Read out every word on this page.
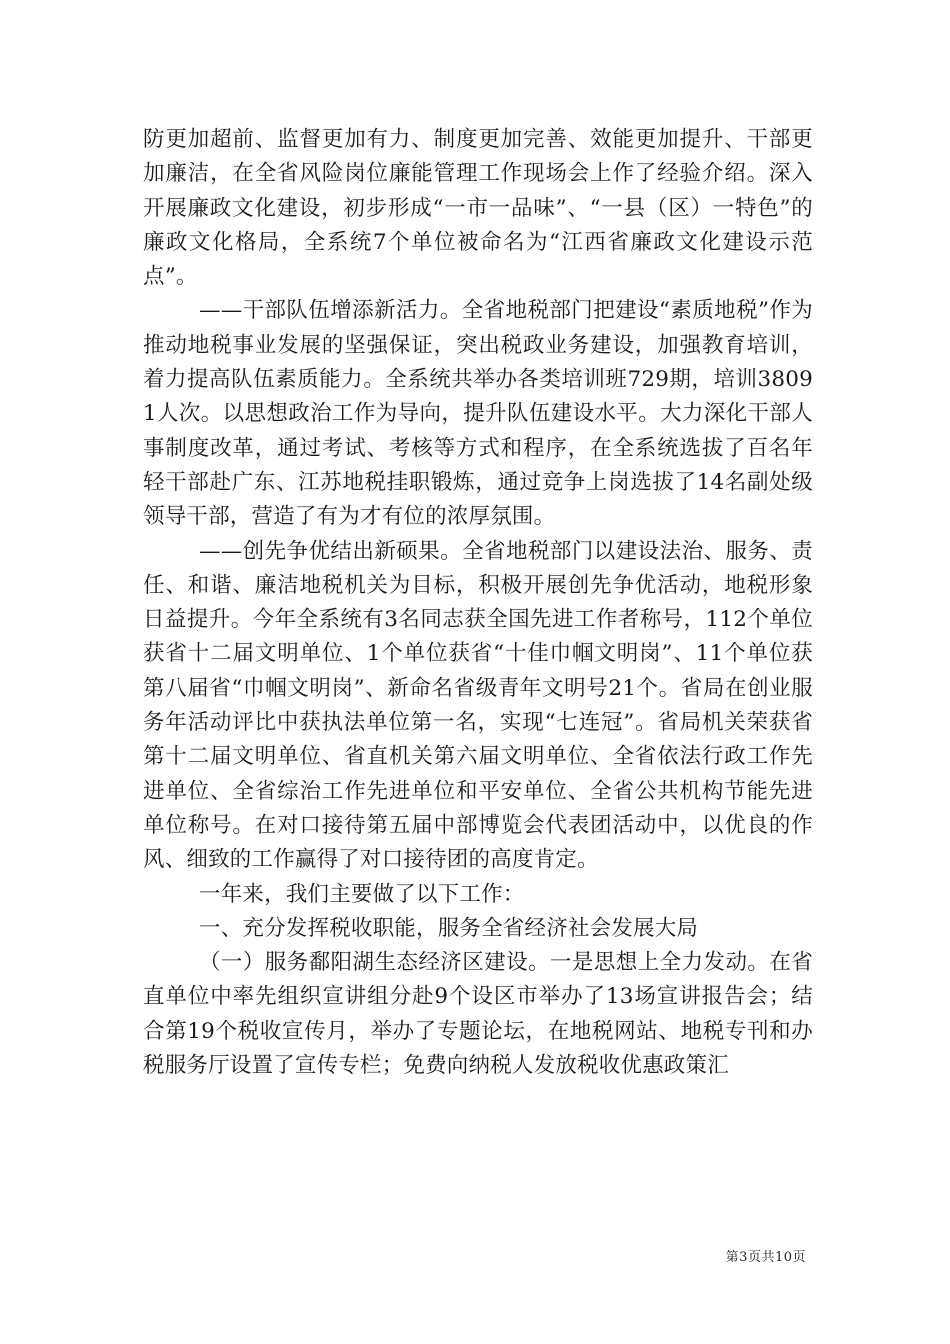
防更加超前、监督更加有力、制度更加完善、效能更加提升、干部更加廉洁，在全省风险岗位廉能管理工作现场会上作了经验介绍。深入开展廉政文化建设，初步形成“一市一品味”、“一县（区）一特色”的廉政文化格局，全系统7个单位被命名为“江西省廉政文化建设示范点”。

——干部队伍增添新活力。全省地税部门把建设“素质地税”作为推动地税事业发展的坚强保证，突出税政业务建设，加强教育培训，着力提高队伍素质能力。全系统共举办各类培训班729期，培训38091人次。以思想政治工作为导向，提升队伍建设水平。大力深化干部人事制度改革，通过考试、考核等方式和程序，在全系统选拔了百名年轻干部赴广东、江苏地税挂职锻炼，通过竞争上岗选拔了14名副处级领导干部，营造了有为才有位的浓厚氛围。

——创先争优结出新硕果。全省地税部门以建设法治、服务、责任、和谐、廉洁地税机关为目标，积极开展创先争优活动，地税形象日益提升。今年全系统有3名同志获全国先进工作者称号，112个单位获省十二届文明单位、1个单位获省“十佳巾帼文明岗”、11个单位获第八届省“巾帼文明岗”、新命名省级青年文明号21个。省局在创业服务年活动评比中获执法单位第一名，实现“七连冠”。省局机关荣获省第十二届文明单位、省直机关第六届文明单位、全省依法行政工作先进单位、全省综治工作先进单位和平安单位、全省公共机构节能先进单位称号。在对口接待第五届中部博览会代表团活动中，以优良的作风、细致的工作赢得了对口接待团的高度肯定。

一年来，我们主要做了以下工作：

一、充分发挥税收职能，服务全省经济社会发展大局

（一）服务鄱阳湖生态经济区建设。一是思想上全力发动。在省直单位中率先组织宣讲组分赴9个设区市举办了13场宣讲报告会；结合第19个税收宣传月，举办了专题论坛，在地税网站、地税专刊和办税服务厅设置了宣传专栏；免费向纳税人发放税收优惠政策汇

第3页共10页
